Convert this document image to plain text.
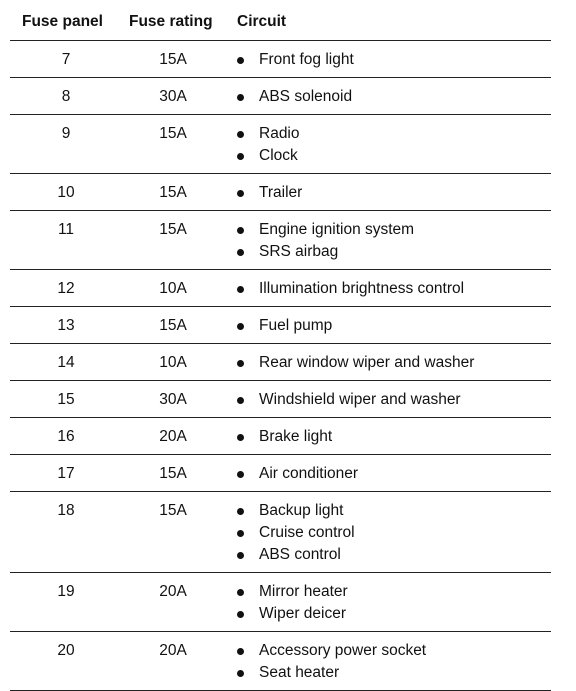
Fuse panel Fuse rating Circuit
7	15A	Front fog light
8	30A	ABS solenoid
9	15A	Radio
Clock
10	15A	Trailer
11	15A	Engine ignition system
SRS airbag
12	10A	Illumination brightness control
13	15A	Fuel pump
14	10A	Rear window wiper and washer
15	30A	Windshield wiper and washer
16	20A	Brake light
17	15A	Air conditioner
18	15A	Backup light
Cruise control
ABS control
19	20A	Mirror heater
Wiper deicer
20	20A	Accessory power socket
Seat heater
